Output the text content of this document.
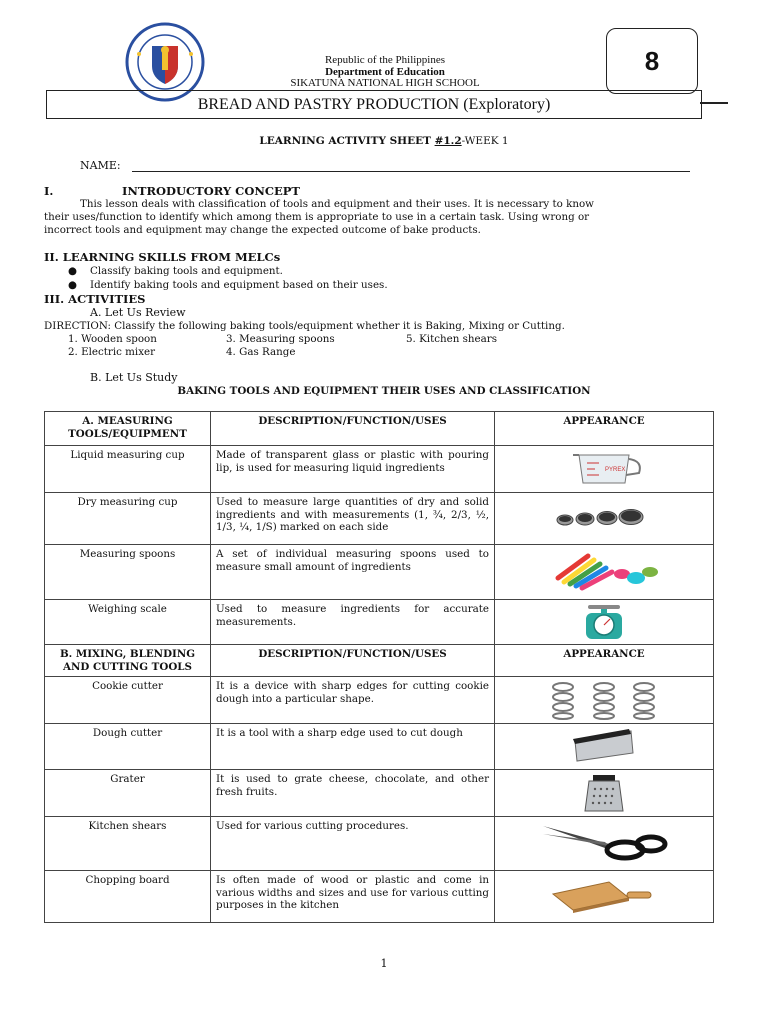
Republic of the Philippines
Department of Education
SIKATUNA NATIONAL HIGH SCHOOL
8
BREAD AND PASTRY PRODUCTION (Exploratory)
LEARNING ACTIVITY SHEET #1.2-WEEK 1
NAME:
I.	INTRODUCTORY CONCEPT
This lesson deals with classification of tools and equipment and their uses. It is necessary to know
their uses/function to identify which among them is appropriate to use in a certain task. Using wrong or
incorrect tools and equipment may change the expected outcome of bake products.
II. LEARNING SKILLS FROM MELCs
● Classify baking tools and equipment.
● Identify baking tools and equipment based on their uses.
III. ACTIVITIES
A. Let Us Review
DIRECTION: Classify the following baking tools/equipment whether it is Baking, Mixing or Cutting.
1. Wooden spoon	3. Measuring spoons	5. Kitchen shears
2. Electric mixer	4. Gas Range
B. Let Us Study
BAKING TOOLS AND EQUIPMENT THEIR USES AND CLASSIFICATION
A. MEASURING TOOLS/EQUIPMENT	DESCRIPTION/FUNCTION/USES	APPEARANCE
Liquid measuring cup	Made of transparent glass or plastic with pouring lip, is used for measuring liquid ingredients	PYREX

Dry measuring cup	Used to measure large quantities of dry and solid ingredients and with measurements (1, ¾, 2/3, ½, 1/3, ¼, 1/S) marked on each side	

Measuring spoons	A set of individual measuring spoons used to measure small amount of ingredients	

Weighing scale	Used to measure ingredients for accurate measurements.	

B. MIXING, BLENDING AND CUTTING TOOLS	DESCRIPTION/FUNCTION/USES	APPEARANCE
Cookie cutter	It is a device with sharp edges for cutting cookie dough into a particular shape.	

Dough cutter	It is a tool with a sharp edge used to cut dough	

Grater	It is used to grate cheese, chocolate, and other fresh fruits.	

Kitchen shears	Used for various cutting procedures.	

Chopping board	Is often made of wood or plastic and come in various widths and sizes and use for various cutting purposes in the kitchen	
1
